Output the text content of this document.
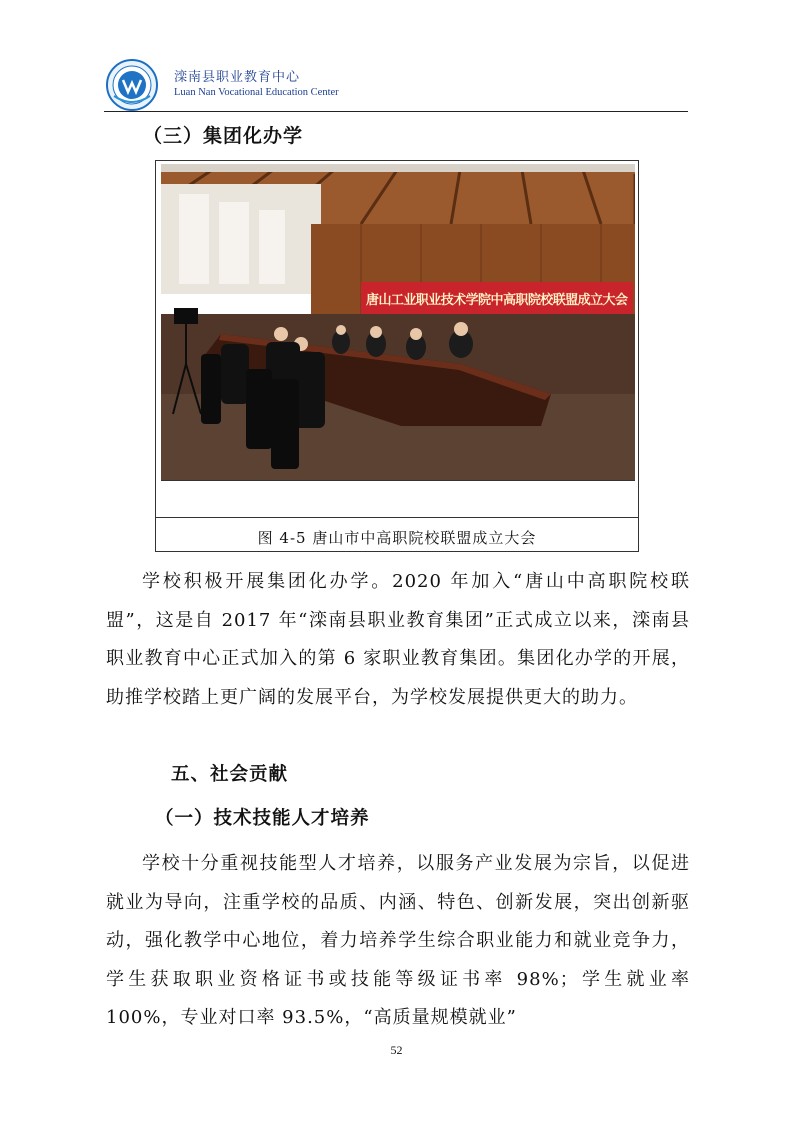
滦南县职业教育中心
Luan Nan Vocational Education Center
（三）集团化办学
唐山工业职业技术学院中高职院校联盟成立大会
图 4-5 唐山市中高职院校联盟成立大会
学校积极开展集团化办学。2020 年加入“唐山中高职院校联盟”，这是自 2017 年“滦南县职业教育集团”正式成立以来，滦南县职业教育中心正式加入的第 6 家职业教育集团。集团化办学的开展，助推学校踏上更广阔的发展平台，为学校发展提供更大的助力。
五、社会贡献
（一）技术技能人才培养
学校十分重视技能型人才培养，以服务产业发展为宗旨，以促进就业为导向，注重学校的品质、内涵、特色、创新发展，突出创新驱动，强化教学中心地位，着力培养学生综合职业能力和就业竞争力，学生获取职业资格证书或技能等级证书率 98%；学生就业率 100%，专业对口率 93.5%，“高质量规模就业”
52
